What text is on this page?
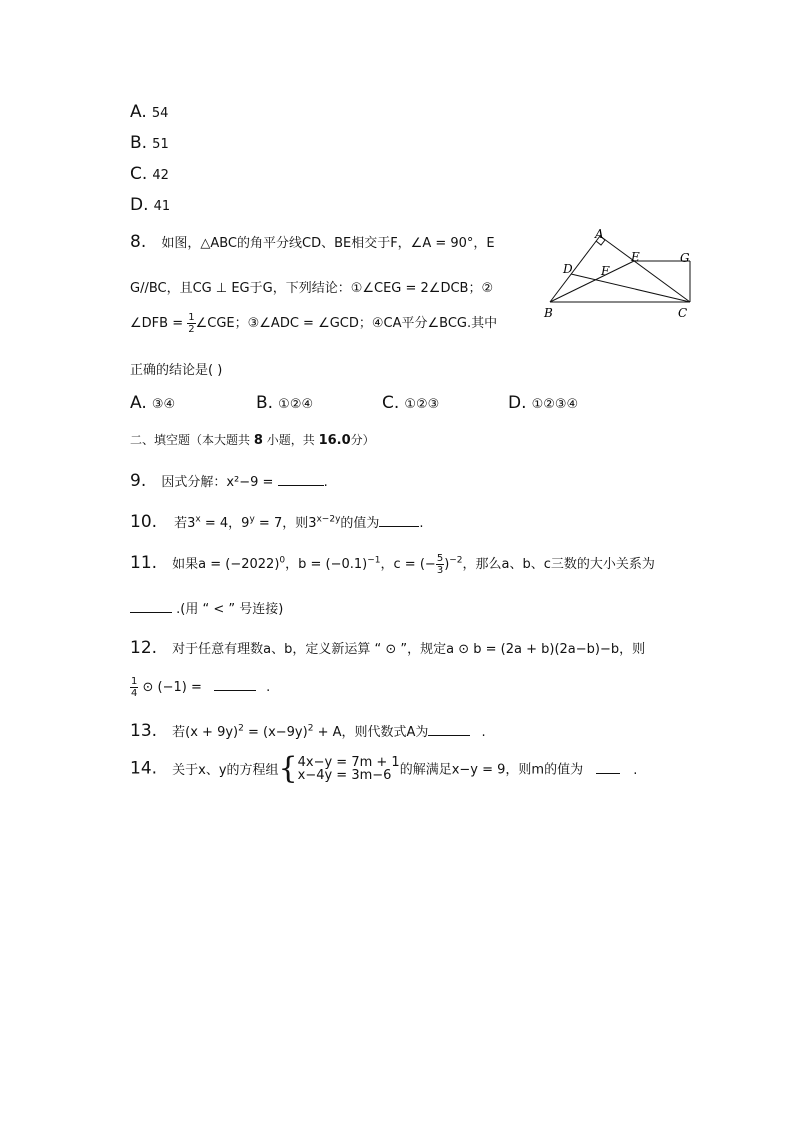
A. 54
B. 51
C. 42
D. 41
8. 如图，△ABC的角平分线CD、BE相交于F，∠A = 90°，E
G//BC，且CG ⊥ EG于G，下列结论：①∠CEG = 2∠DCB；②
∠DFB = $\frac{1}{2}$ ∠CGE；③∠ADC = ∠GCD；④CA平分∠BCG.其中
正确的结论是( )
A
B	C
D
E
F
G
A. ③④	B. ①②④	C. ①②③	D. ①②③④
二、填空题（本大题共 8 小题，共 16.0分）
9. 因式分解：x²−9 =	.
10. 若$3^x = 4$，$9^y = 7$，则$3^{x-2y}$的值为	.
11. 如果$a = (-2022)^0$，$b = (-0.1)^{-1}$，c = (− $\frac{5}{3} )^{-2}$，那么a、b、c三数的大小关系为
.(用 “ < ” 号连接)
12. 对于任意有理数a、b，定义新运算 “ ⊙ ”，规定a ⊙ b = (2a + b)(2a−b)−b，则
$\frac{1}{4}$ ⊙ (−1) =	.
13. 若$(x + 9y)^2 = (x-9y)^2 + A$，则代数式A为	.
14. 关于x、y的方程组{ 4x−y = 7m + 1
x−4y = 3m−6 的解满足x−y = 9，则m的值为	.
